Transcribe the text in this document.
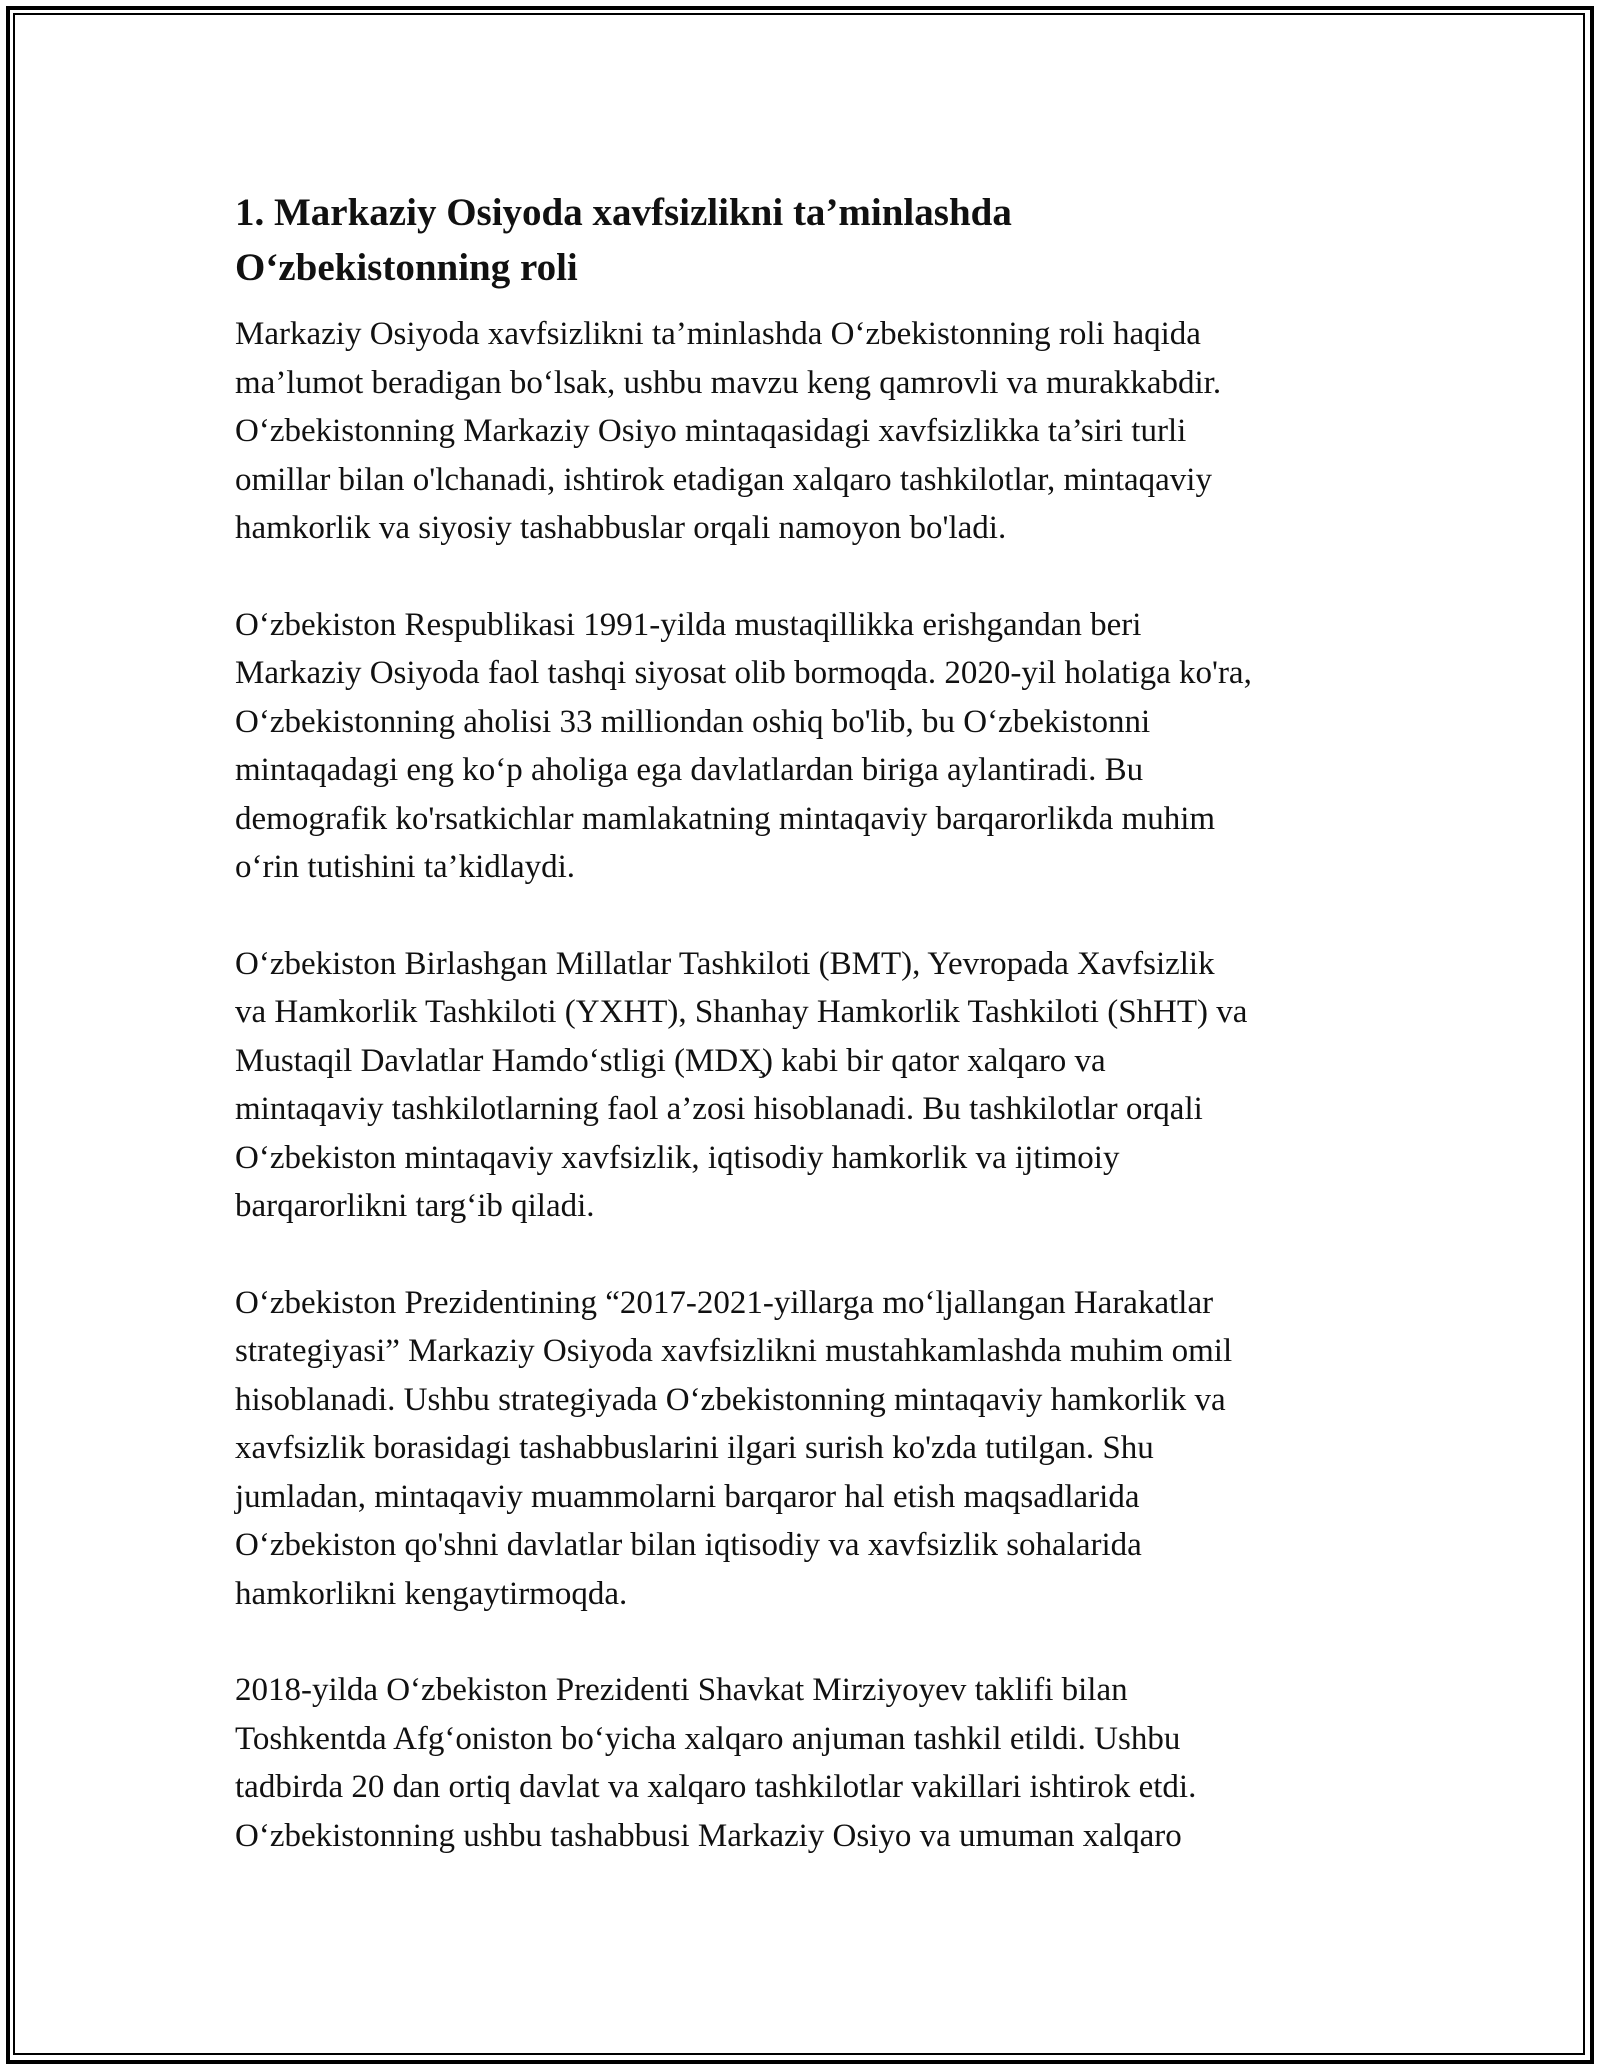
1. Markaziy Osiyoda xavfsizlikni ta’minlashda
O‘zbekistonning roli

Markaziy Osiyoda xavfsizlikni ta’minlashda O‘zbekistonning roli haqida
ma’lumot beradigan bo‘lsak, ushbu mavzu keng qamrovli va murakkabdir.
O‘zbekistonning Markaziy Osiyo mintaqasidagi xavfsizlikka ta’siri turli
omillar bilan o'lchanadi, ishtirok etadigan xalqaro tashkilotlar, mintaqaviy
hamkorlik va siyosiy tashabbuslar orqali namoyon bo'ladi.

O‘zbekiston Respublikasi 1991-yilda mustaqillikka erishgandan beri
Markaziy Osiyoda faol tashqi siyosat olib bormoqda. 2020-yil holatiga ko'ra,
O‘zbekistonning aholisi 33 milliondan oshiq bo'lib, bu O‘zbekistonni
mintaqadagi eng ko‘p aholiga ega davlatlardan biriga aylantiradi. Bu
demografik ko'rsatkichlar mamlakatning mintaqaviy barqarorlikda muhim
o‘rin tutishini ta’kidlaydi.

O‘zbekiston Birlashgan Millatlar Tashkiloti (BMT), Yevropada Xavfsizlik
va Hamkorlik Tashkiloti (YXHT), Shanhay Hamkorlik Tashkiloti (ShHT) va
Mustaqil Davlatlar Hamdo‘stligi (MDX̧) kabi bir qator xalqaro va
mintaqaviy tashkilotlarning faol a’zosi hisoblanadi. Bu tashkilotlar orqali
O‘zbekiston mintaqaviy xavfsizlik, iqtisodiy hamkorlik va ijtimoiy
barqarorlikni targ‘ib qiladi.

O‘zbekiston Prezidentining “2017-2021-yillarga mo‘ljallangan Harakatlar
strategiyasi” Markaziy Osiyoda xavfsizlikni mustahkamlashda muhim omil
hisoblanadi. Ushbu strategiyada O‘zbekistonning mintaqaviy hamkorlik va
xavfsizlik borasidagi tashabbuslarini ilgari surish ko'zda tutilgan. Shu
jumladan, mintaqaviy muammolarni barqaror hal etish maqsadlarida
O‘zbekiston qo'shni davlatlar bilan iqtisodiy va xavfsizlik sohalarida
hamkorlikni kengaytirmoqda.

2018-yilda O‘zbekiston Prezidenti Shavkat Mirziyoyev taklifi bilan
Toshkentda Afg‘oniston bo‘yicha xalqaro anjuman tashkil etildi. Ushbu
tadbirda 20 dan ortiq davlat va xalqaro tashkilotlar vakillari ishtirok etdi.
O‘zbekistonning ushbu tashabbusi Markaziy Osiyo va umuman xalqaro
